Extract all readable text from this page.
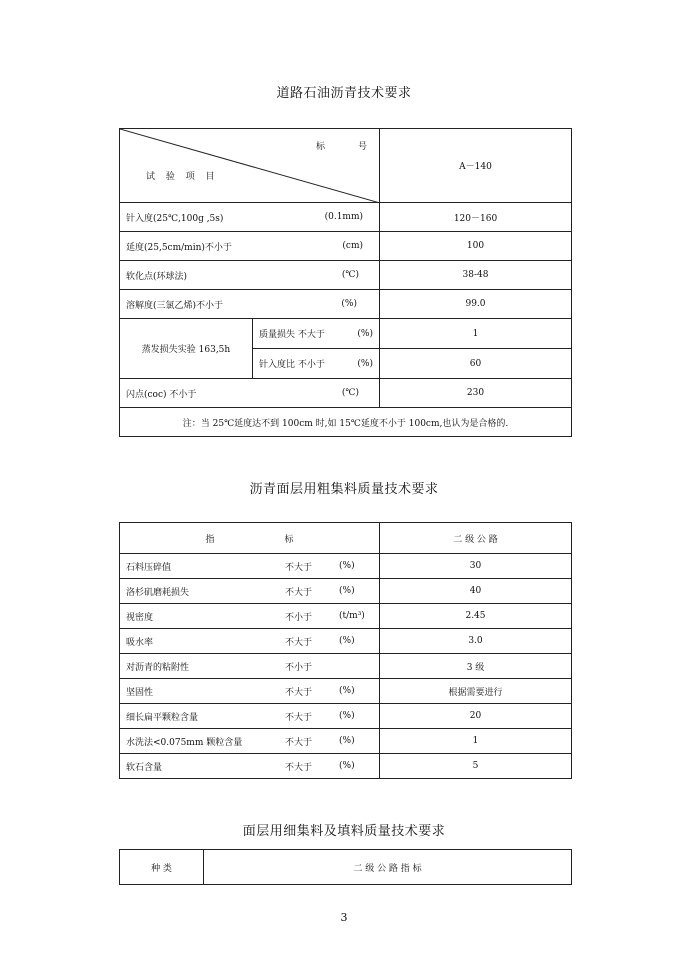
道路石油沥青技术要求
标 号
试 验 项 目		A－140

针入度(25℃,100g ,5s) (0.1mm)		120－160

延度(25,5cm/min)不小于 (cm)		100

软化点(环球法) (℃)		38-48

溶解度(三氯乙烯)不小于 (%)		99.0
蒸发损失实验 163,5h	质量损失 不大于 (%)	1

	针入度比 不小于 (%)	60

闪点(coc) 不小于 (℃)		230
注：当 25℃延度达不到 100cm 时,如 15℃延度不小于 100cm,也认为是合格的.		
沥青面层用粗集料质量技术要求
指 标	二 级 公 路

石料压碎值 不大于 (%)	30

洛杉矶磨耗损失 不大于 (%)	40

视密度 不小于 (t/m³)	2.45

吸水率 不大于 (%)	3.0

对沥青的粘附性 不小于	3 级

坚固性 不大于 (%)	根据需要进行

细长扁平颗粒含量 不大于 (%)	20

水洗法<0.075mm 颗粒含量 不大于 (%)	1

软石含量 不大于 (%)	5
面层用细集料及填料质量技术要求
种 类	二 级 公 路 指 标
3
